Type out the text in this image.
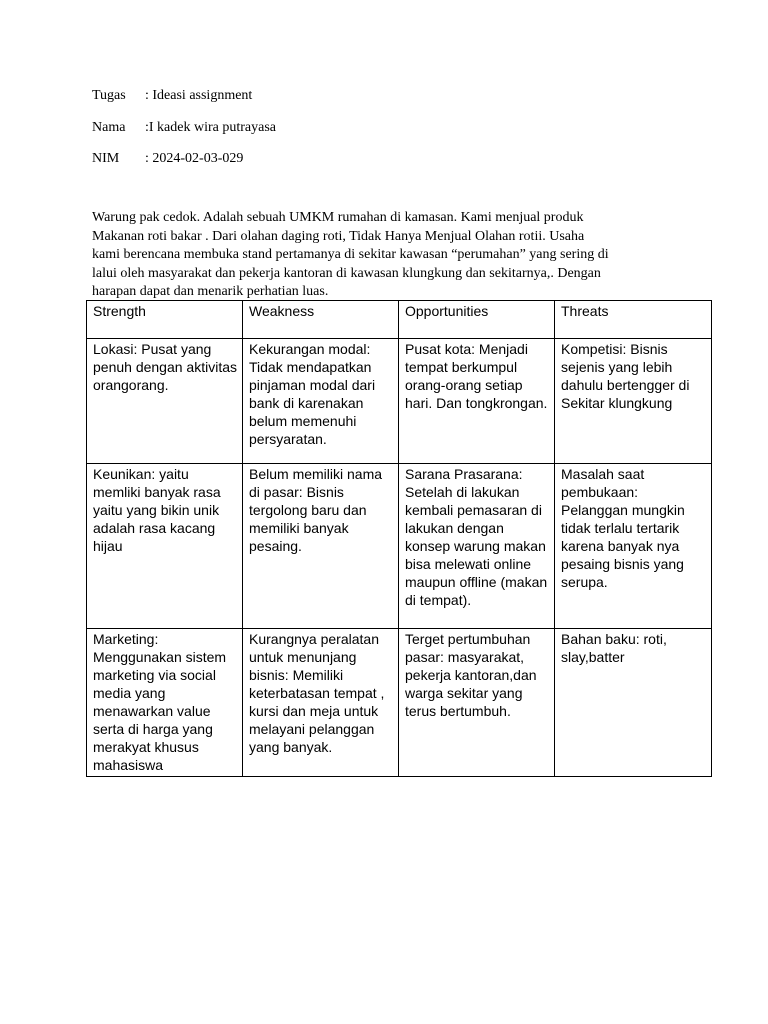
Tugas : Ideasi assignment
Nama :I kadek wira putrayasa
NIM : 2024-02-03-029
Warung pak cedok. Adalah sebuah UMKM rumahan di kamasan. Kami menjual produk
Makanan roti bakar . Dari olahan daging roti, Tidak Hanya Menjual Olahan rotii. Usaha
kami berencana membuka stand pertamanya di sekitar kawasan “perumahan” yang sering di
lalui oleh masyarakat dan pekerja kantoran di kawasan klungkung dan sekitarnya,. Dengan
harapan dapat dan menarik perhatian luas.
Strength	Weakness	Opportunities	Threats
Lokasi: Pusat yang penuh dengan aktivitas orangorang.	Kekurangan modal: Tidak mendapatkan pinjaman modal dari bank di karenakan belum memenuhi persyaratan.	Pusat kota: Menjadi tempat berkumpul orang-orang setiap hari. Dan tongkrongan.	Kompetisi: Bisnis sejenis yang lebih dahulu bertengger di Sekitar klungkung
Keunikan: yaitu memliki banyak rasa yaitu yang bikin unik adalah rasa kacang hijau	Belum memiliki nama di pasar: Bisnis tergolong baru dan memiliki banyak pesaing.	Sarana Prasarana: Setelah di lakukan kembali pemasaran di lakukan dengan konsep warung makan bisa melewati online maupun offline (makan di tempat).	Masalah saat pembukaan: Pelanggan mungkin tidak terlalu tertarik karena banyak nya pesaing bisnis yang serupa.
Marketing: Menggunakan sistem marketing via social media yang menawarkan value serta di harga yang merakyat khusus mahasiswa	Kurangnya peralatan untuk menunjang bisnis: Memiliki keterbatasan tempat , kursi dan meja untuk melayani pelanggan yang banyak.	Terget pertumbuhan pasar: masyarakat, pekerja kantoran,dan warga sekitar yang terus bertumbuh.	Bahan baku: roti, slay,batter
